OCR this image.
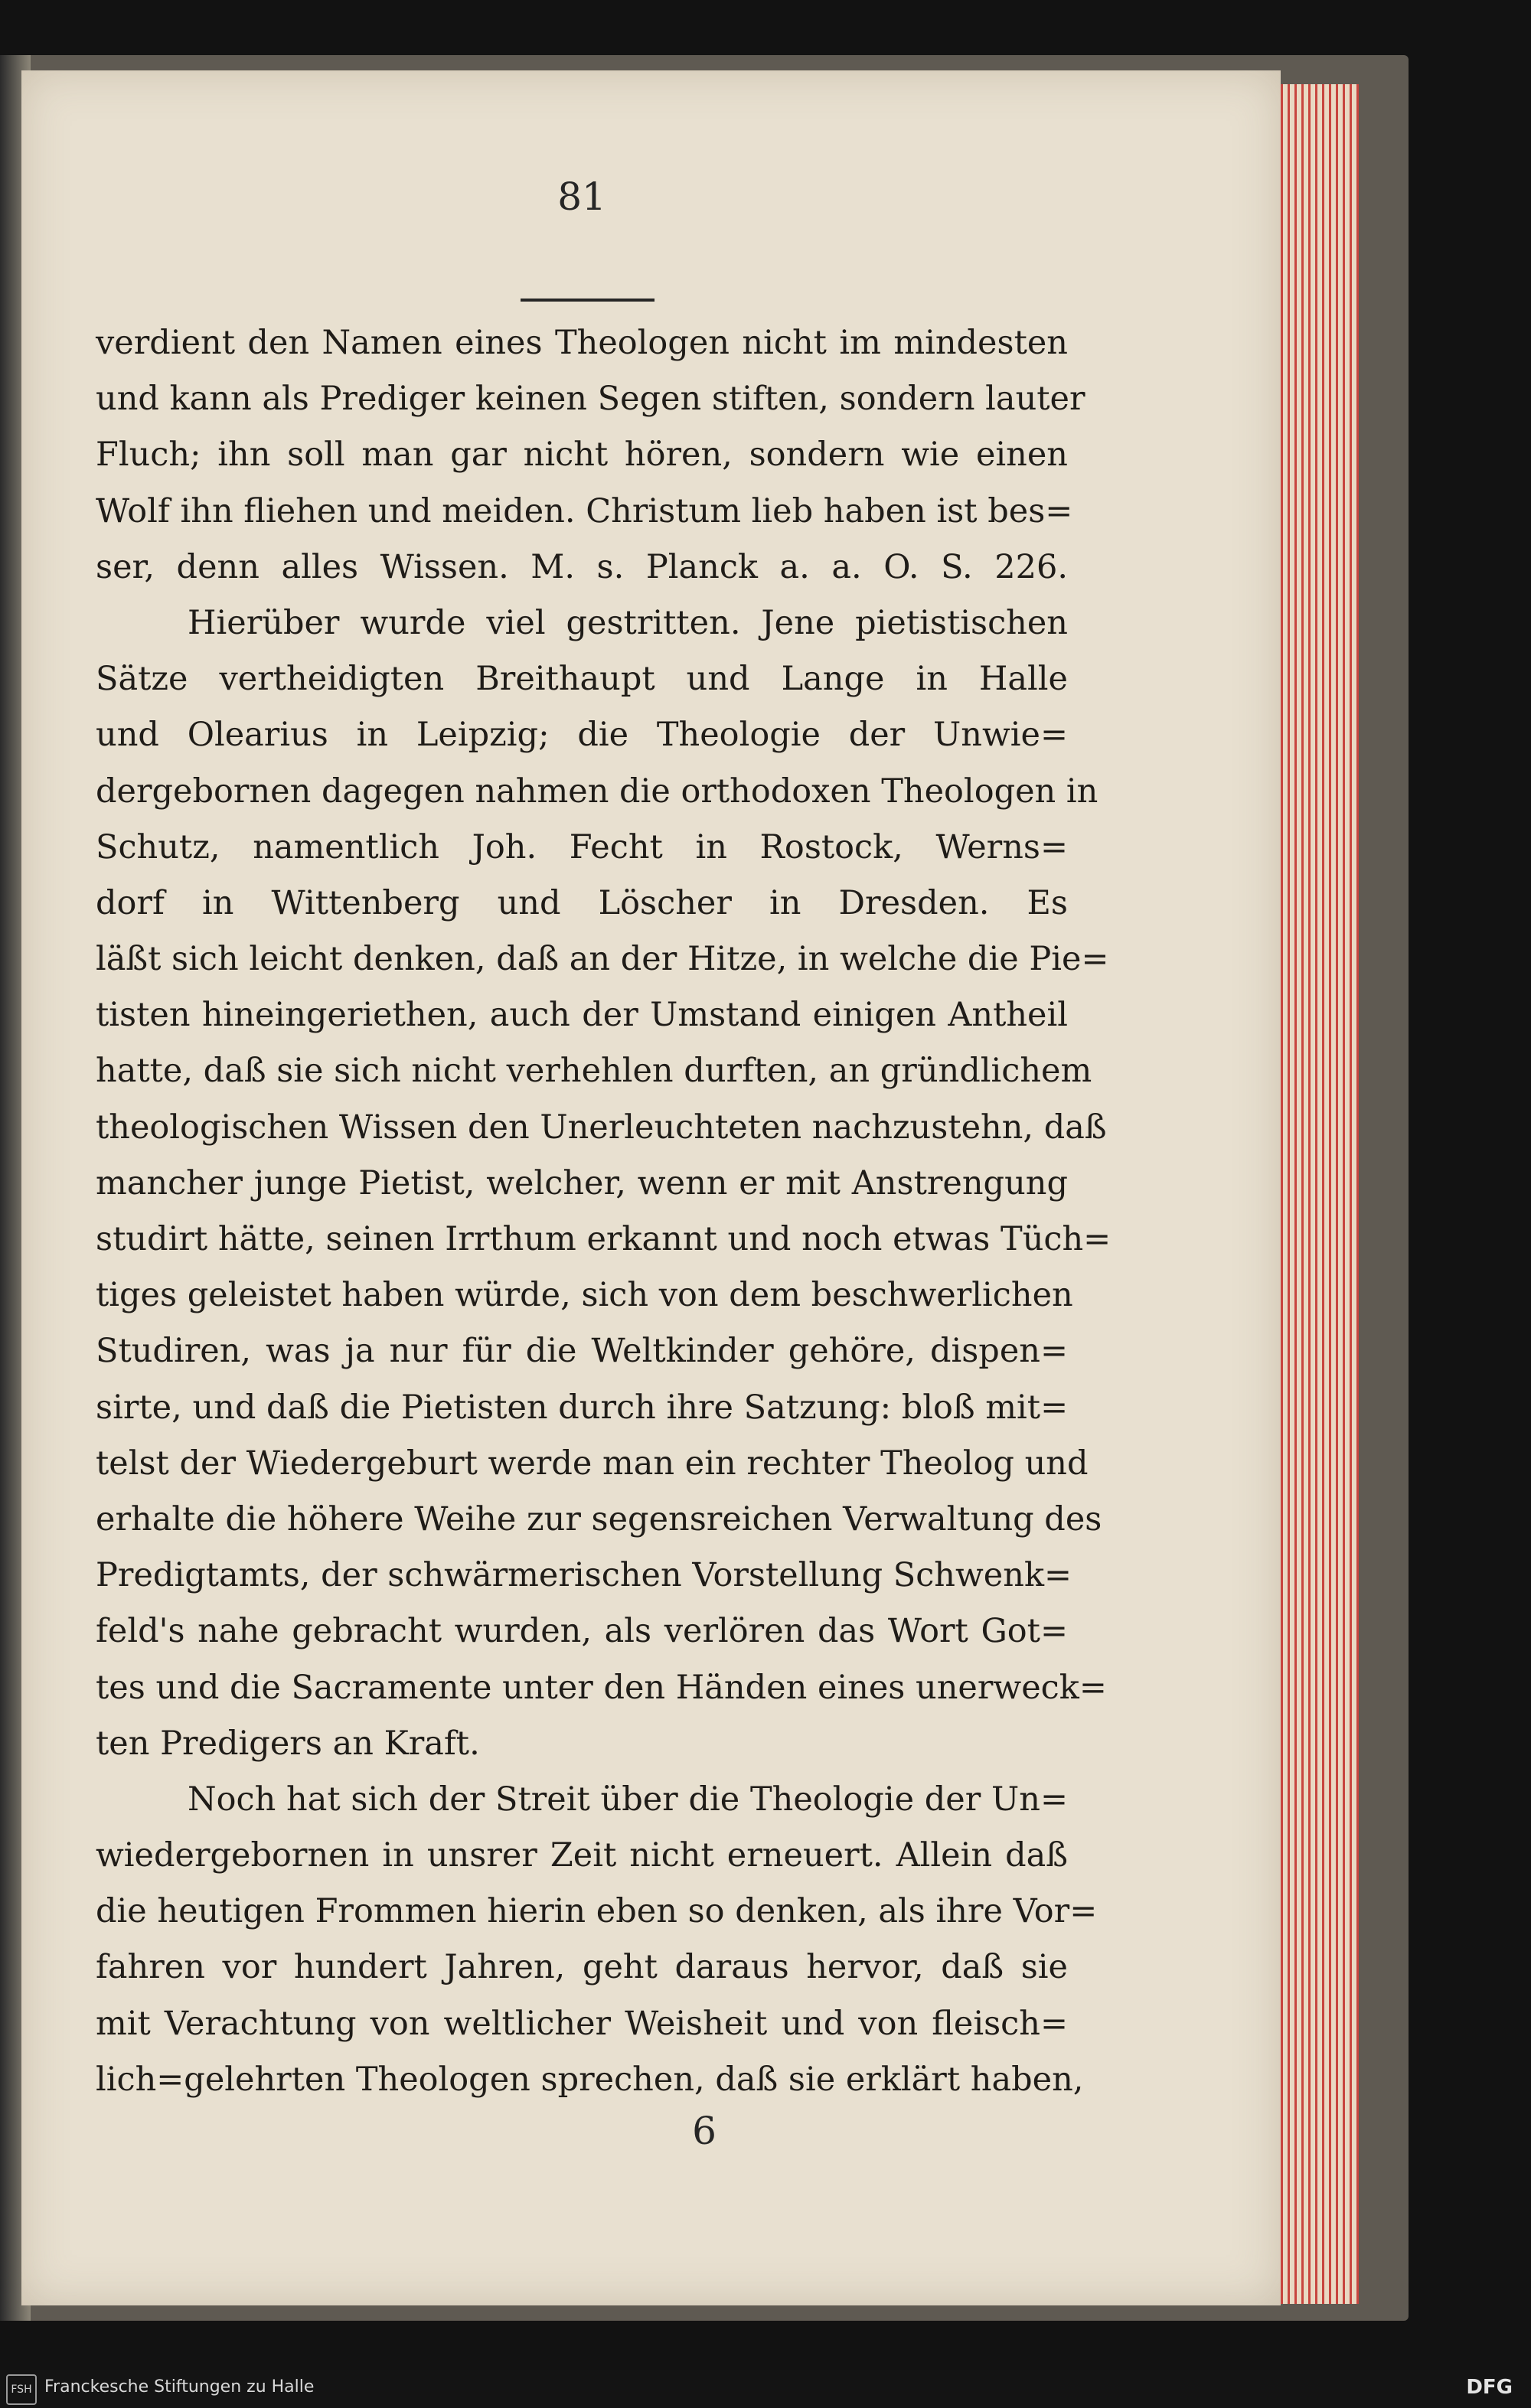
81
verdient den Namen eines Theologen nicht im mindesten
und kann als Prediger keinen Segen stiften, sondern lauter
Fluch; ihn soll man gar nicht hören, sondern wie einen
Wolf ihn fliehen und meiden. Christum lieb haben ist bes=
ser, denn alles Wissen. M. s. Planck a. a. O. S. 226.
Hierüber wurde viel gestritten. Jene pietistischen
Sätze vertheidigten Breithaupt und Lange in Halle
und Olearius in Leipzig; die Theologie der Unwie=
dergebornen dagegen nahmen die orthodoxen Theologen in
Schutz, namentlich Joh. Fecht in Rostock, Werns=
dorf in Wittenberg und Löscher in Dresden. Es
läßt sich leicht denken, daß an der Hitze, in welche die Pie=
tisten hineingeriethen, auch der Umstand einigen Antheil
hatte, daß sie sich nicht verhehlen durften, an gründlichem
theologischen Wissen den Unerleuchteten nachzustehn, daß
mancher junge Pietist, welcher, wenn er mit Anstrengung
studirt hätte, seinen Irrthum erkannt und noch etwas Tüch=
tiges geleistet haben würde, sich von dem beschwerlichen
Studiren, was ja nur für die Weltkinder gehöre, dispen=
sirte, und daß die Pietisten durch ihre Satzung: bloß mit=
telst der Wiedergeburt werde man ein rechter Theolog und
erhalte die höhere Weihe zur segensreichen Verwaltung des
Predigtamts, der schwärmerischen Vorstellung Schwenk=
feld's nahe gebracht wurden, als verlören das Wort Got=
tes und die Sacramente unter den Händen eines unerweck=
ten Predigers an Kraft.
Noch hat sich der Streit über die Theologie der Un=
wiedergebornen in unsrer Zeit nicht erneuert. Allein daß
die heutigen Frommen hierin eben so denken, als ihre Vor=
fahren vor hundert Jahren, geht daraus hervor, daß sie
mit Verachtung von weltlicher Weisheit und von fleisch=
lich=gelehrten Theologen sprechen, daß sie erklärt haben,
6
FSH Franckesche Stiftungen zu Halle	DFG
